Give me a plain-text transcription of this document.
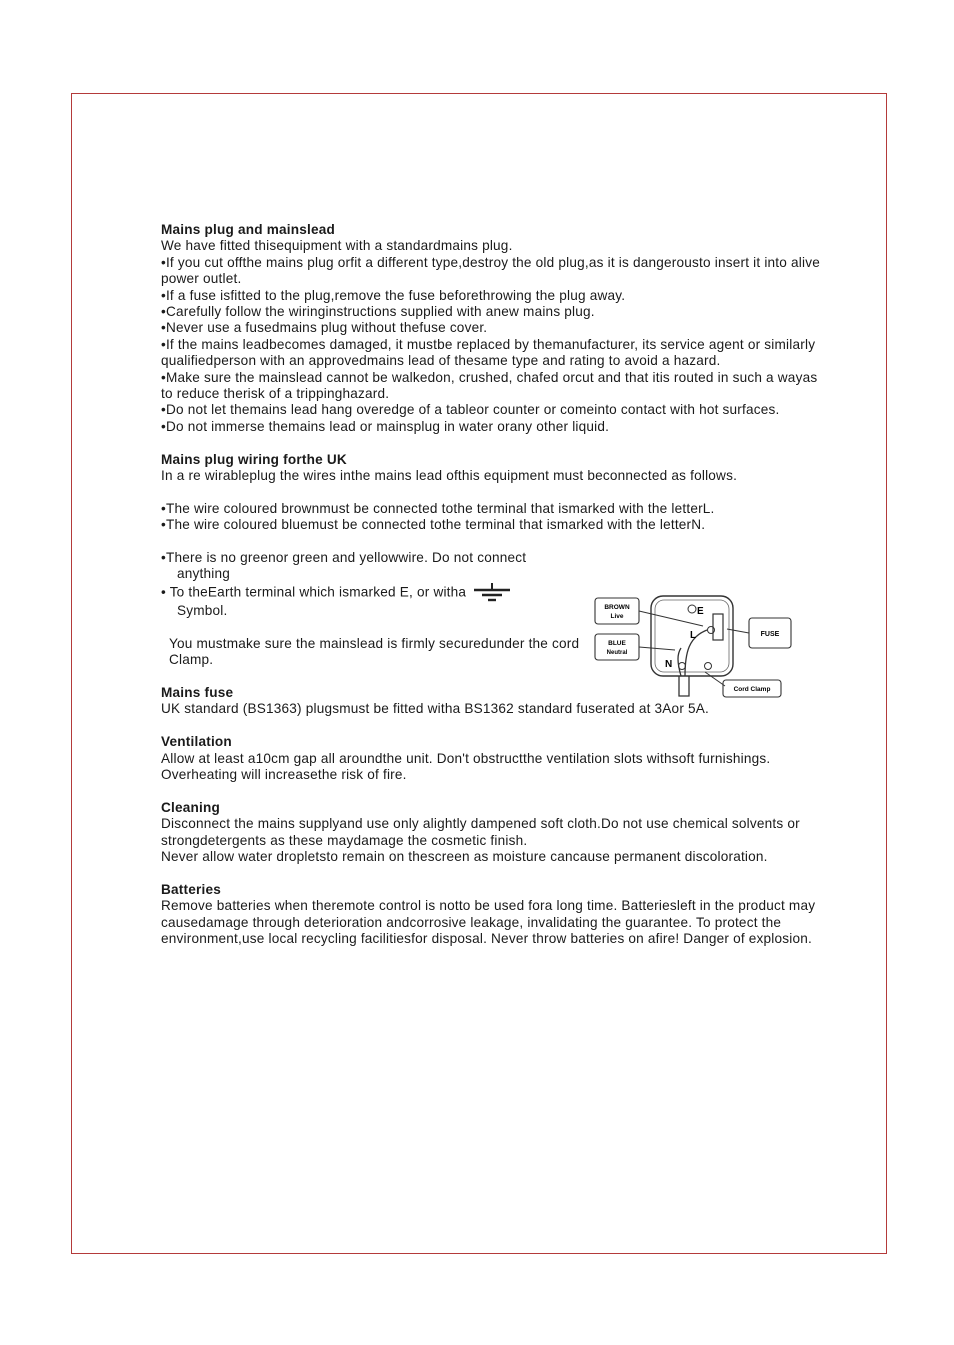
Mains plug and mainslead

We have fitted thisequipment with a standardmains plug.

•If you cut offthe mains plug orfit a different type,destroy the old plug,as it is dangerousto insert it into alive power outlet.

•If a fuse isfitted to the plug,remove the fuse beforethrowing the plug away.

•Carefully follow the wiringinstructions supplied with anew mains plug.

•Never use a fusedmains plug without thefuse cover.

•If the mains leadbecomes damaged, it mustbe replaced by themanufacturer, its service agent or similarly qualifiedperson with an approvedmains lead of thesame type and rating to avoid a hazard.

•Make sure the mainslead cannot be walkedon, crushed, chafed orcut and that itis routed in such a wayas to reduce therisk of a trippinghazard.

•Do not let themains lead hang overedge of a tableor counter or comeinto contact with hot surfaces.

•Do not immerse themains lead or mainsplug in water orany other liquid.

Mains plug wiring forthe UK

In a re wirableplug the wires inthe mains lead ofthis equipment must beconnected as follows.

•The wire coloured brownmust be connected tothe terminal that ismarked with the letterL.

•The wire coloured bluemust be connected tothe terminal that ismarked with the letterN.

•There is no greenor green and yellowwire. Do not connect

anything

• To theEarth terminal which ismarked E, or witha

Symbol.

You mustmake sure the mainslead is firmly securedunder the cord

Clamp.

Mains fuse

UK standard (BS1363) plugsmust be fitted witha BS1362 standard fuserated at 3Aor 5A.

Ventilation

Allow at least a10cm gap all aroundthe unit. Don't obstructthe ventilation slots withsoft furnishings. Overheating will increasethe risk of fire.

Cleaning

Disconnect the mains supplyand use only alightly dampened soft cloth.Do not use chemical solvents or strongdetergents as these maydamage the cosmetic finish.

Never allow water dropletsto remain on thescreen as moisture cancause permanent discoloration.

Batteries

Remove batteries when theremote control is notto be used fora long time. Batteriesleft in the product may causedamage through deterioration andcorrosive leakage, invalidating the guarantee. To protect the environment,use local recycling facilitiesfor disposal. Never throw batteries on afire! Danger of explosion.

BROWN
Live
BLUE
Neutral
FUSE
Cord Clamp
E
L
N
